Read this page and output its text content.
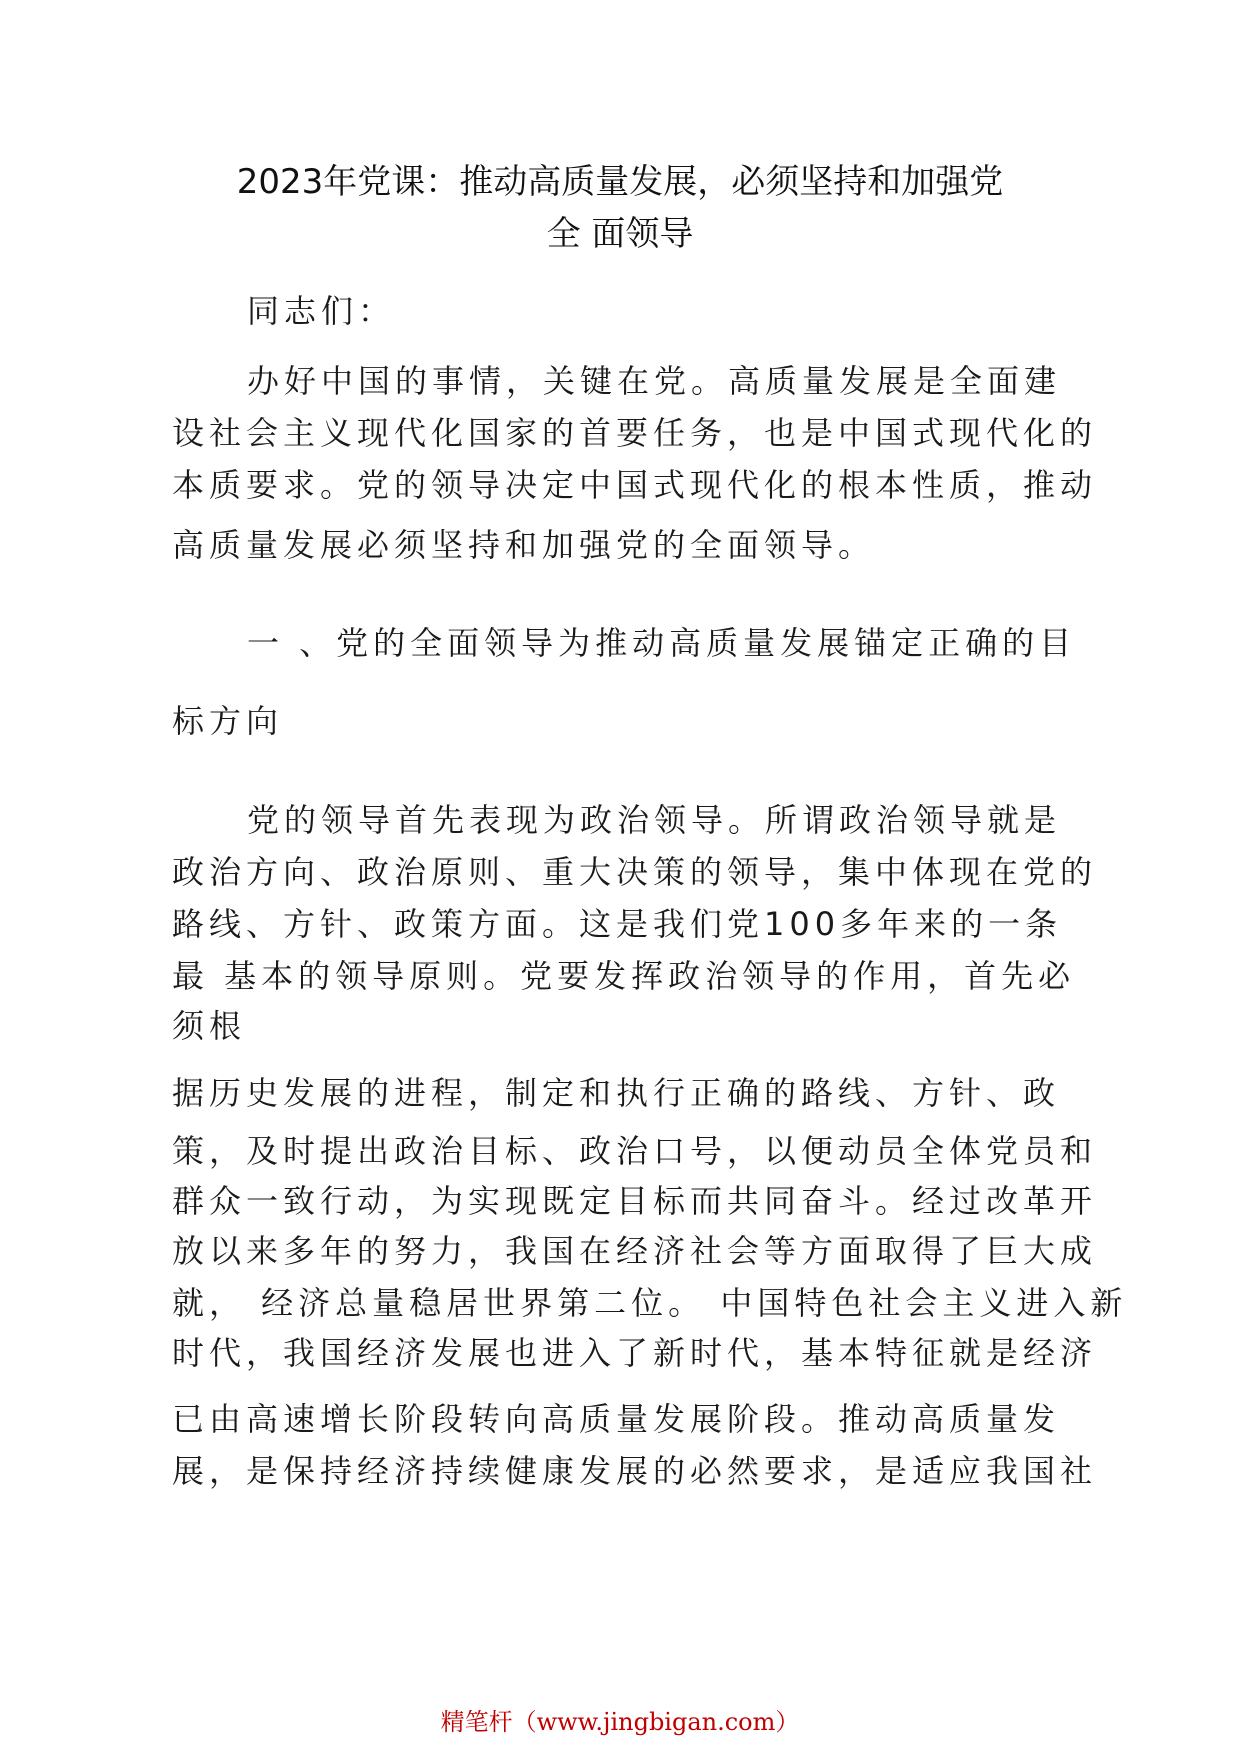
2023年党课：推动高质量发展，必须坚持和加强党
全 面领导
同志们：
办好中国的事情，关键在党。高质量发展是全面建
设社会主义现代化国家的首要任务，也是中国式现代化的
本质要求。党的领导决定中国式现代化的根本性质，推动
高质量发展必须坚持和加强党的全面领导。
一 、党的全面领导为推动高质量发展锚定正确的目
标方向
党的领导首先表现为政治领导。所谓政治领导就是
政治方向、政治原则、重大决策的领导，集中体现在党的
路线、方针、政策方面。这是我们党100多年来的一条
最 基本的领导原则。党要发挥政治领导的作用，首先必
须根
据历史发展的进程，制定和执行正确的路线、方针、政
策，及时提出政治目标、政治口号，以便动员全体党员和
群众一致行动，为实现既定目标而共同奋斗。经过改革开
放以来多年的努力，我国在经济社会等方面取得了巨大成
就， 经济总量稳居世界第二位。 中国特色社会主义进入新
时代，我国经济发展也进入了新时代，基本特征就是经济
已由高速增长阶段转向高质量发展阶段。推动高质量发
展，是保持经济持续健康发展的必然要求，是适应我国社
精笔杆（www.jingbigan.com）
